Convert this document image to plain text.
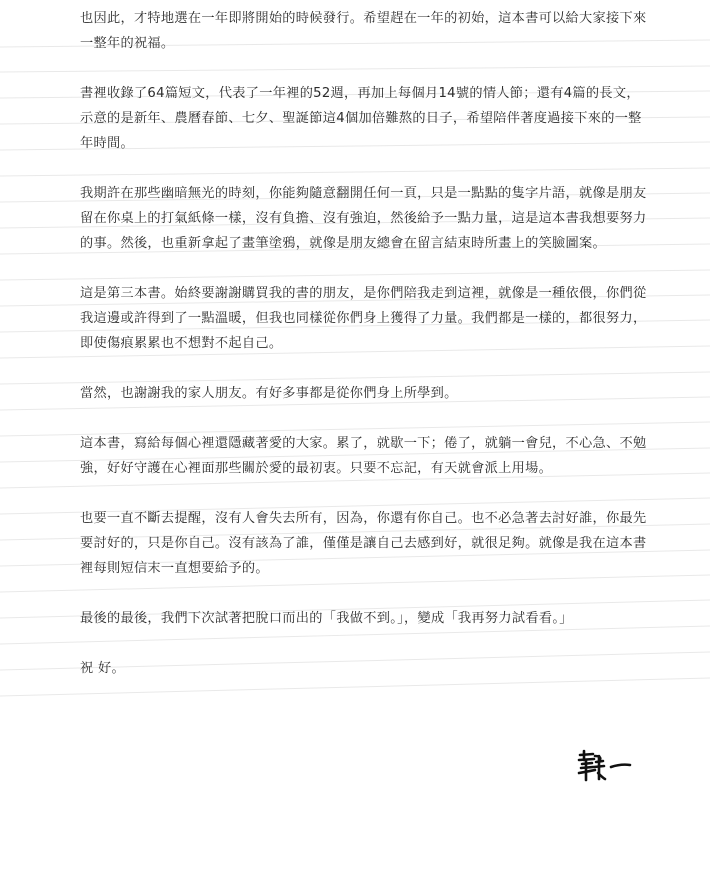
也因此，才特地選在一年即將開始的時候發行。希望趕在一年的初始，這本書可以給大家接下來一整年的祝福。

書裡收錄了64篇短文，代表了一年裡的52週，再加上每個月14號的情人節；還有4篇的長文，示意的是新年、農曆春節、七夕、聖誕節這4個加倍難熬的日子，希望陪伴著度過接下來的一整年時間。

我期許在那些幽暗無光的時刻，你能夠隨意翻開任何一頁，只是一點點的隻字片語，就像是朋友留在你桌上的打氣紙條一樣，沒有負擔、沒有強迫，然後給予一點力量，這是這本書我想要努力的事。然後，也重新拿起了畫筆塗鴉，就像是朋友總會在留言結束時所畫上的笑臉圖案。

這是第三本書。始終要謝謝購買我的書的朋友，是你們陪我走到這裡，就像是一種依偎，你們從我這邊或許得到了一點溫暖，但我也同樣從你們身上獲得了力量。我們都是一樣的，都很努力，即使傷痕累累也不想對不起自己。

當然，也謝謝我的家人朋友。有好多事都是從你們身上所學到。

這本書，寫給每個心裡還隱藏著愛的大家。累了，就歇一下；倦了，就躺一會兒，不心急、不勉強，好好守護在心裡面那些關於愛的最初衷。只要不忘記，有天就會派上用場。

也要一直不斷去提醒，沒有人會失去所有，因為，你還有你自己。也不必急著去討好誰，你最先要討好的，只是你自己。沒有該為了誰，僅僅是讓自己去感到好，就很足夠。就像是我在這本書裡每則短信末一直想要給予的。

最後的最後，我們下次試著把脫口而出的「我做不到。」，變成「我再努力試看看。」

祝 好。
